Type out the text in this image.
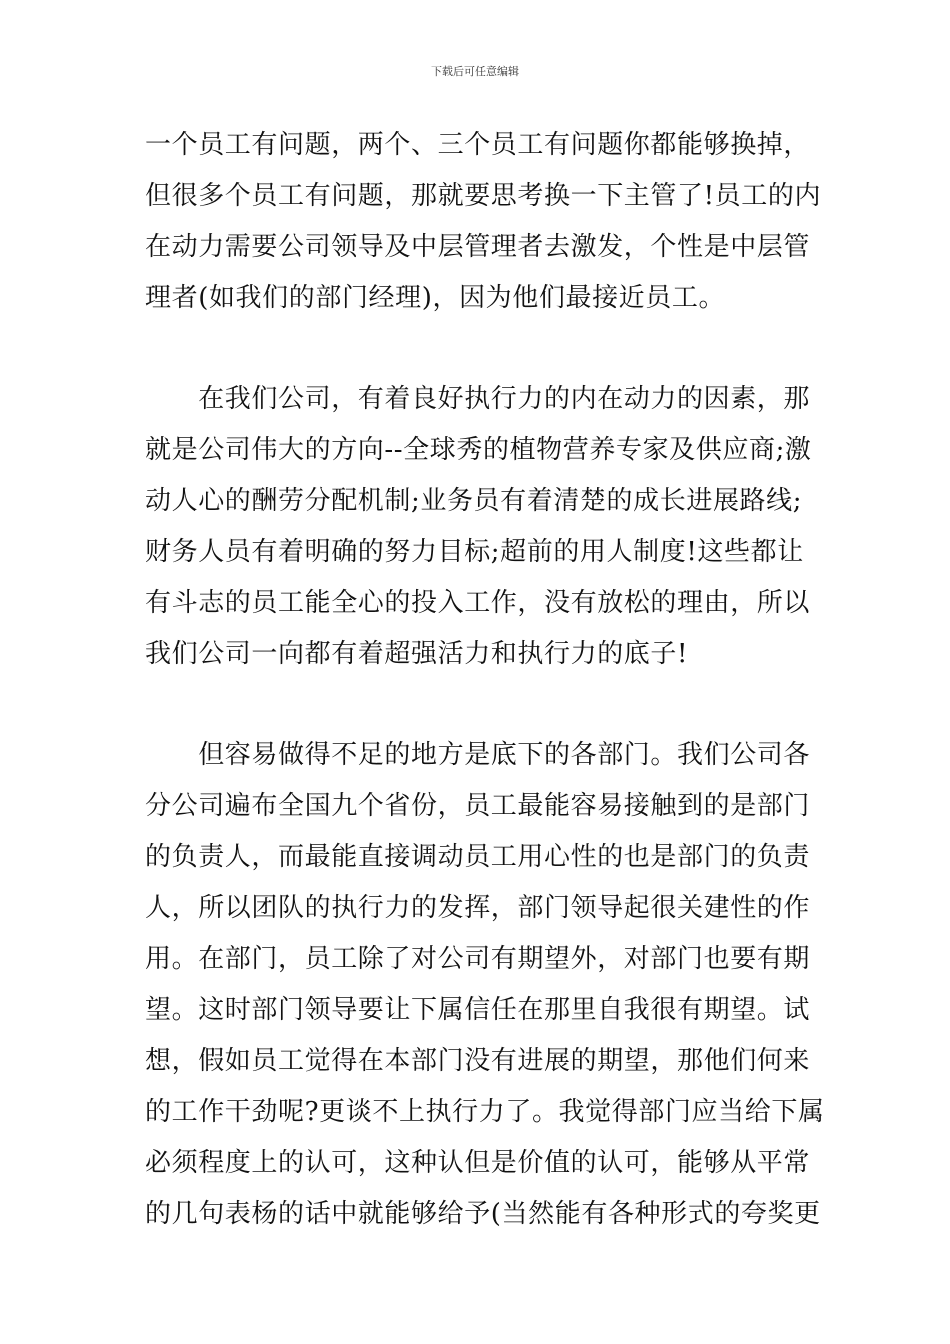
下载后可任意编辑
一个员工有问题，两个、三个员工有问题你都能够换掉，
但很多个员工有问题，那就要思考换一下主管了!员工的内
在动力需要公司领导及中层管理者去激发，个性是中层管
理者(如我们的部门经理)，因为他们最接近员工。
　　在我们公司，有着良好执行力的内在动力的因素，那
就是公司伟大的方向--全球秀的植物营养专家及供应商;激
动人心的酬劳分配机制;业务员有着清楚的成长进展路线;
财务人员有着明确的努力目标;超前的用人制度!这些都让
有斗志的员工能全心的投入工作，没有放松的理由，所以
我们公司一向都有着超强活力和执行力的底子!
　　但容易做得不足的地方是底下的各部门。我们公司各
分公司遍布全国九个省份，员工最能容易接触到的是部门
的负责人，而最能直接调动员工用心性的也是部门的负责
人，所以团队的执行力的发挥，部门领导起很关建性的作
用。在部门，员工除了对公司有期望外，对部门也要有期
望。这时部门领导要让下属信任在那里自我很有期望。试
想，假如员工觉得在本部门没有进展的期望，那他们何来
的工作干劲呢?更谈不上执行力了。我觉得部门应当给下属
必须程度上的认可，这种认但是价值的认可，能够从平常
的几句表杨的话中就能够给予(当然能有各种形式的夸奖更
